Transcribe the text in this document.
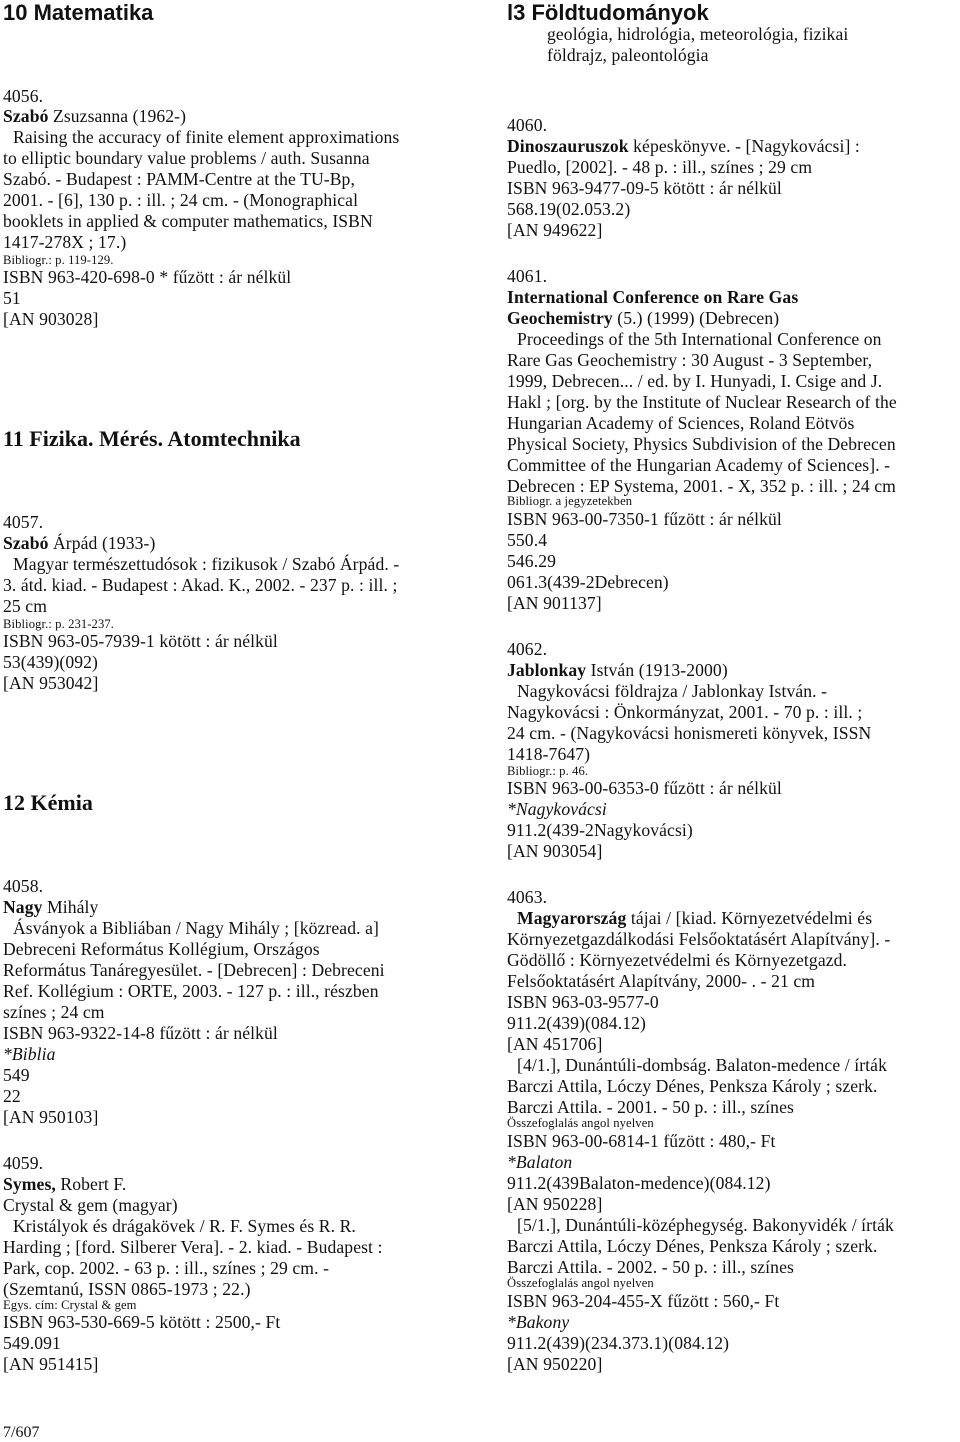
10 Matematika
4056.
Szabó Zsuzsanna (1962-)
Raising the accuracy of finite element approximations
to elliptic boundary value problems / auth. Susanna
Szabó. - Budapest : PAMM-Centre at the TU-Bp,
2001. - [6], 130 p. : ill. ; 24 cm. - (Monographical
booklets in applied & computer mathematics, ISBN
1417-278X ; 17.)
Bibliogr.: p. 119-129.
ISBN 963-420-698-0 * fűzött : ár nélkül
51
[AN 903028]
11 Fizika. Mérés. Atomtechnika
4057.
Szabó Árpád (1933-)
Magyar természettudósok : fizikusok / Szabó Árpád. -
3. átd. kiad. - Budapest : Akad. K., 2002. - 237 p. : ill. ;
25 cm
Bibliogr.: p. 231-237.
ISBN 963-05-7939-1 kötött : ár nélkül
53(439)(092)
[AN 953042]
12 Kémia
4058.
Nagy Mihály
Ásványok a Bibliában / Nagy Mihály ; [közread. a]
Debreceni Református Kollégium, Országos
Református Tanáregyesület. - [Debrecen] : Debreceni
Ref. Kollégium : ORTE, 2003. - 127 p. : ill., részben
színes ; 24 cm
ISBN 963-9322-14-8 fűzött : ár nélkül
*Biblia
549
22
[AN 950103]
4059.
Symes, Robert F.
Crystal & gem (magyar)
Kristályok és drágakövek / R. F. Symes és R. R.
Harding ; [ford. Silberer Vera]. - 2. kiad. - Budapest :
Park, cop. 2002. - 63 p. : ill., színes ; 29 cm. -
(Szemtanú, ISSN 0865-1973 ; 22.)
Egys. cím: Crystal & gem
ISBN 963-530-669-5 kötött : 2500,- Ft
549.091
[AN 951415]
l3 Földtudományok
geológia, hidrológia, meteorológia, fizikai
földrajz, paleontológia
4060.
Dinoszauruszok képeskönyve. - [Nagykovácsi] :
Puedlo, [2002]. - 48 p. : ill., színes ; 29 cm
ISBN 963-9477-09-5 kötött : ár nélkül
568.19(02.053.2)
[AN 949622]
4061.
International Conference on Rare Gas
Geochemistry (5.) (1999) (Debrecen)
Proceedings of the 5th International Conference on
Rare Gas Geochemistry : 30 August - 3 September,
1999, Debrecen... / ed. by I. Hunyadi, I. Csige and J.
Hakl ; [org. by the Institute of Nuclear Research of the
Hungarian Academy of Sciences, Roland Eötvös
Physical Society, Physics Subdivision of the Debrecen
Committee of the Hungarian Academy of Sciences]. -
Debrecen : EP Systema, 2001. - X, 352 p. : ill. ; 24 cm
Bibliogr. a jegyzetekben
ISBN 963-00-7350-1 fűzött : ár nélkül
550.4
546.29
061.3(439-2Debrecen)
[AN 901137]
4062.
Jablonkay István (1913-2000)
Nagykovácsi földrajza / Jablonkay István. -
Nagykovácsi : Önkormányzat, 2001. - 70 p. : ill. ;
24 cm. - (Nagykovácsi honismereti könyvek, ISSN
1418-7647)
Bibliogr.: p. 46.
ISBN 963-00-6353-0 fűzött : ár nélkül
*Nagykovácsi
911.2(439-2Nagykovácsi)
[AN 903054]
4063.
Magyarország tájai / [kiad. Környezetvédelmi és
Környezetgazdálkodási Felsőoktatásért Alapítvány]. -
Gödöllő : Környezetvédelmi és Környezetgazd.
Felsőoktatásért Alapítvány, 2000- . - 21 cm
ISBN 963-03-9577-0
911.2(439)(084.12)
[AN 451706]
[4/1.], Dunántúli-dombság. Balaton-medence / írták
Barczi Attila, Lóczy Dénes, Penksza Károly ; szerk.
Barczi Attila. - 2001. - 50 p. : ill., színes
Összefoglalás angol nyelven
ISBN 963-00-6814-1 fűzött : 480,- Ft
*Balaton
911.2(439Balaton-medence)(084.12)
[AN 950228]
[5/1.], Dunántúli-középhegység. Bakonyvidék / írták
Barczi Attila, Lóczy Dénes, Penksza Károly ; szerk.
Barczi Attila. - 2002. - 50 p. : ill., színes
Összefoglalás angol nyelven
ISBN 963-204-455-X fűzött : 560,- Ft
*Bakony
911.2(439)(234.373.1)(084.12)
[AN 950220]
7/607
